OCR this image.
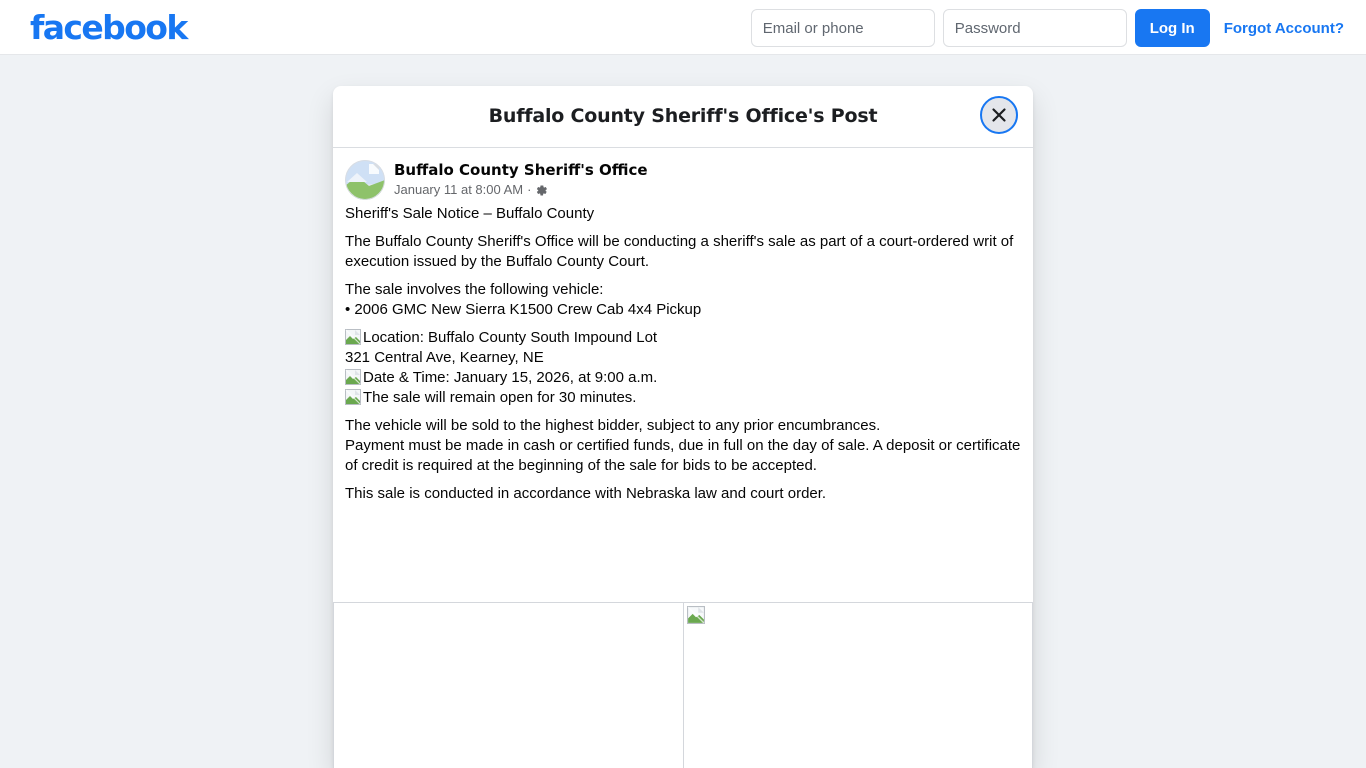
facebook
Email or phone	Log In	Forgot Account?
Buffalo County Sheriff's Office's Post
Buffalo County Sheriff's Office
January 11 at 8:00 AM ·

Sheriff's Sale Notice – Buffalo County

The Buffalo County Sheriff's Office will be conducting a sheriff's sale as part of a court-ordered writ of execution issued by the Buffalo County Court.

The sale involves the following vehicle:
• 2006 GMC New Sierra K1500 Crew Cab 4x4 Pickup

Location: Buffalo County South Impound Lot
321 Central Ave, Kearney, NE

Date & Time: January 15, 2026, at 9:00 a.m.

The sale will remain open for 30 minutes.

The vehicle will be sold to the highest bidder, subject to any prior encumbrances.
Payment must be made in cash or certified funds, due in full on the day of sale. A deposit or certificate of credit is required at the beginning of the sale for bids to be accepted.

This sale is conducted in accordance with Nebraska law and court order.
